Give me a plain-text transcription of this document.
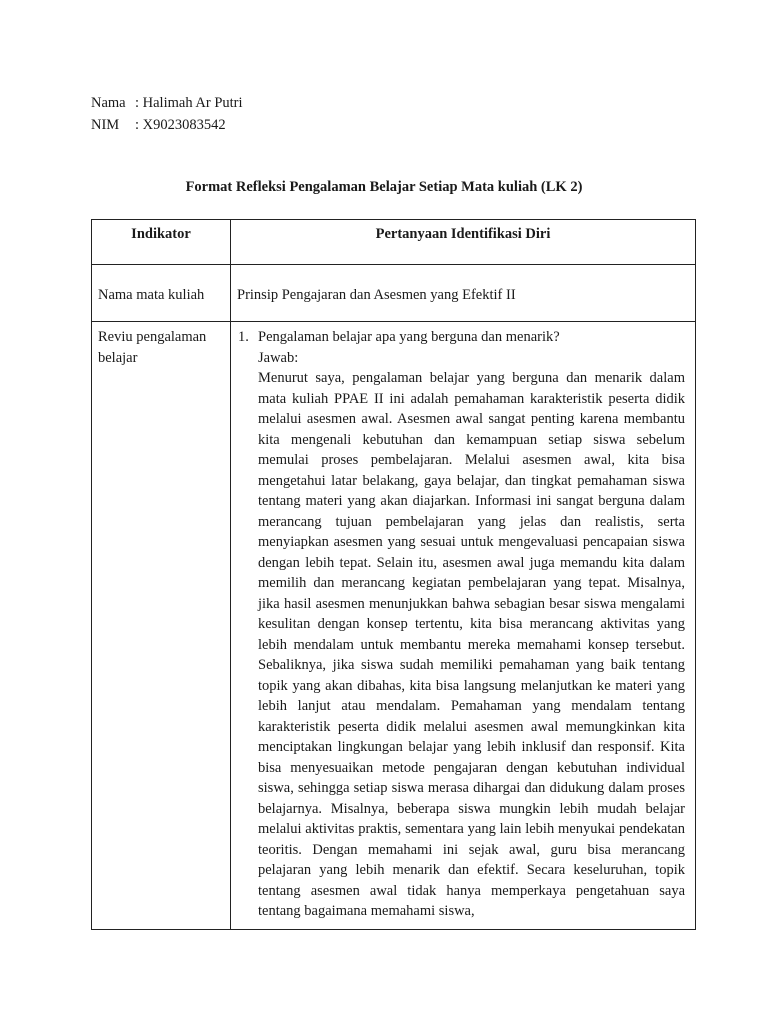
Nama : Halimah Ar Putri
NIM	: X9023083542
Format Refleksi Pengalaman Belajar Setiap Mata kuliah (LK 2)
Indikator	Pertanyaan Identifikasi Diri

Nama mata kuliah	Prinsip Pengajaran dan Asesmen yang Efektif II

Reviu pengalaman belajar	1. Pengalaman belajar apa yang berguna dan menarik?
Jawab:
Menurut saya, pengalaman belajar yang berguna dan menarik dalam mata kuliah PPAE II ini adalah pemahaman karakteristik peserta didik melalui asesmen awal. Asesmen awal sangat penting karena membantu kita mengenali kebutuhan dan kemampuan setiap siswa sebelum memulai proses pembelajaran. Melalui asesmen awal, kita bisa mengetahui latar belakang, gaya belajar, dan tingkat pemahaman siswa tentang materi yang akan diajarkan. Informasi ini sangat berguna dalam merancang tujuan pembelajaran yang jelas dan realistis, serta menyiapkan asesmen yang sesuai untuk mengevaluasi pencapaian siswa dengan lebih tepat. Selain itu, asesmen awal juga memandu kita dalam memilih dan merancang kegiatan pembelajaran yang tepat. Misalnya, jika hasil asesmen menunjukkan bahwa sebagian besar siswa mengalami kesulitan dengan konsep tertentu, kita bisa merancang aktivitas yang lebih mendalam untuk membantu mereka memahami konsep tersebut. Sebaliknya, jika siswa sudah memiliki pemahaman yang baik tentang topik yang akan dibahas, kita bisa langsung melanjutkan ke materi yang lebih lanjut atau mendalam. Pemahaman yang mendalam tentang karakteristik peserta didik melalui asesmen awal memungkinkan kita menciptakan lingkungan belajar yang lebih inklusif dan responsif. Kita bisa menyesuaikan metode pengajaran dengan kebutuhan individual siswa, sehingga setiap siswa merasa dihargai dan didukung dalam proses belajarnya. Misalnya, beberapa siswa mungkin lebih mudah belajar melalui aktivitas praktis, sementara yang lain lebih menyukai pendekatan teoritis. Dengan memahami ini sejak awal, guru bisa merancang pelajaran yang lebih menarik dan efektif. Secara keseluruhan, topik tentang asesmen awal tidak hanya memperkaya pengetahuan saya tentang bagaimana memahami siswa,
